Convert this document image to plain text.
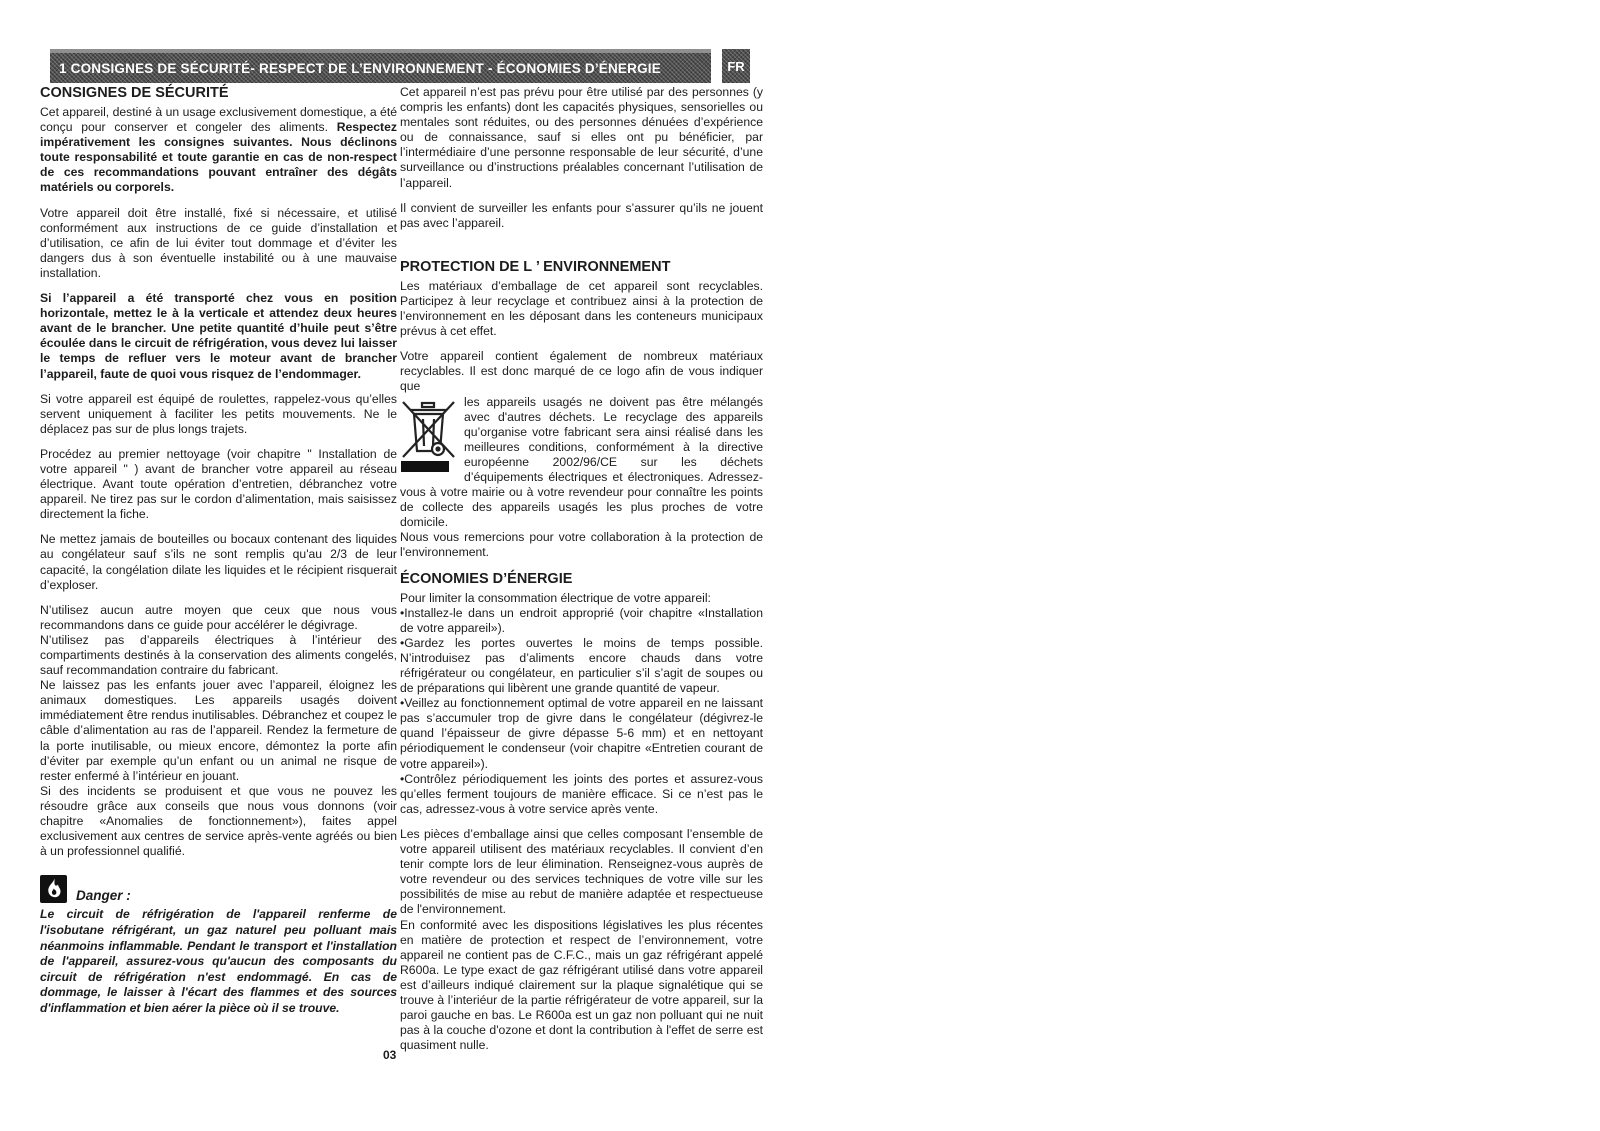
1 CONSIGNES DE SÉCURITÉ- RESPECT DE L’ENVIRONNEMENT - ÉCONOMIES D’ÉNERGIE	FR
CONSIGNES DE SÉCURITÉ

Cet appareil, destiné à un usage exclusivement domestique, a été conçu pour conserver et congeler des aliments. Respectez impérativement les consignes suivantes. Nous déclinons toute responsabilité et toute garantie en cas de non-respect de ces recommandations pouvant entraîner des dégâts matériels ou corporels.

Votre appareil doit être installé, fixé si nécessaire, et utilisé conformément aux instructions de ce guide d’installation et d’utilisation, ce afin de lui éviter tout dommage et d’éviter les dangers dus à son éventuelle instabilité ou à une mauvaise installation.

Si l’appareil a été transporté chez vous en position horizontale, mettez le à la verticale et attendez deux heures avant de le brancher. Une petite quantité d’huile peut s’être écoulée dans le circuit de réfrigération, vous devez lui laisser le temps de refluer vers le moteur avant de brancher l’appareil, faute de quoi vous risquez de l’endommager.

Si votre appareil est équipé de roulettes, rappelez-vous qu’elles servent uniquement à faciliter les petits mouvements. Ne le déplacez pas sur de plus longs trajets.

Procédez au premier nettoyage (voir chapitre " Installation de votre appareil " ) avant de brancher votre appareil au réseau électrique. Avant toute opération d’entretien, débranchez votre appareil. Ne tirez pas sur le cordon d’alimentation, mais saisissez directement la fiche.

Ne mettez jamais de bouteilles ou bocaux contenant des liquides au congélateur sauf s’ils ne sont remplis qu'au 2/3 de leur capacité, la congélation dilate les liquides et le récipient risquerait d’exploser.

N’utilisez aucun autre moyen que ceux que nous vous recommandons dans ce guide pour accélérer le dégivrage.

N’utilisez pas d’appareils électriques à l’intérieur des compartiments destinés à la conservation des aliments congelés, sauf recommandation contraire du fabricant.

Ne laissez pas les enfants jouer avec l’appareil, éloignez les animaux domestiques. Les appareils usagés doivent immédiatement être rendus inutilisables. Débranchez et coupez le câble d’alimentation au ras de l’appareil. Rendez la fermeture de la porte inutilisable, ou mieux encore, démontez la porte afin d’éviter par exemple qu’un enfant ou un animal ne risque de rester enfermé à l’intérieur en jouant.

Si des incidents se produisent et que vous ne pouvez les résoudre grâce aux conseils que nous vous donnons (voir chapitre «Anomalies de fonctionnement»), faites appel exclusivement aux centres de service après-vente agréés ou bien à un professionnel qualifié.

Danger :
Le circuit de réfrigération de l'appareil renferme de l'isobutane réfrigérant, un gaz naturel peu polluant mais néanmoins inflammable. Pendant le transport et l'installation de l'appareil, assurez-vous qu'aucun des composants du circuit de réfrigération n'est endommagé. En cas de dommage, le laisser à l'écart des flammes et des sources d'inflammation et bien aérer la pièce où il se trouve.

Cet appareil n’est pas prévu pour être utilisé par des personnes (y compris les enfants) dont les capacités physiques, sensorielles ou mentales sont réduites, ou des personnes dénuées d’expérience ou de connaissance, sauf si elles ont pu bénéficier, par l’intermédiaire d’une personne responsable de leur sécurité, d’une surveillance ou d’instructions préalables concernant l’utilisation de l’appareil.

Il convient de surveiller les enfants pour s’assurer qu’ils ne jouent pas avec l’appareil.

PROTECTION DE L ’ ENVIRONNEMENT

Les matériaux d’emballage de cet appareil sont recyclables. Participez à leur recyclage et contribuez ainsi à la protection de l’environnement en les déposant dans les conteneurs municipaux prévus à cet effet.

Votre appareil contient également de nombreux matériaux recyclables. Il est donc marqué de ce logo afin de vous indiquer que

les appareils usagés ne doivent pas être mélangés avec d'autres déchets. Le recyclage des appareils qu’organise votre fabricant sera ainsi réalisé dans les meilleures conditions, conformément à la directive européenne 2002/96/CE sur les déchets d’équipements électriques et électroniques. Adressez-vous à votre mairie ou à votre revendeur pour connaître les points de collecte des appareils usagés les plus proches de votre domicile.

Nous vous remercions pour votre collaboration à la protection de l'environnement.

ÉCONOMIES D’ÉNERGIE

Pour limiter la consommation électrique de votre appareil:

•Installez-le dans un endroit approprié (voir chapitre «Installation de votre appareil»).

•Gardez les portes ouvertes le moins de temps possible. N’introduisez pas d’aliments encore chauds dans votre réfrigérateur ou congélateur, en particulier s’il s’agit de soupes ou de préparations qui libèrent une grande quantité de vapeur.

•Veillez au fonctionnement optimal de votre appareil en ne laissant pas s’accumuler trop de givre dans le congélateur (dégivrez-le quand l’épaisseur de givre dépasse 5-6 mm) et en nettoyant périodiquement le condenseur (voir chapitre «Entretien courant de votre appareil»).

•Contrôlez périodiquement les joints des portes et assurez-vous qu’elles ferment toujours de manière efficace. Si ce n’est pas le cas, adressez-vous à votre service après vente.

Les pièces d’emballage ainsi que celles composant l’ensemble de votre appareil utilisent des matériaux recyclables. Il convient d’en tenir compte lors de leur élimination. Renseignez-vous auprès de votre revendeur ou des services techniques de votre ville sur les possibilités de mise au rebut de manière adaptée et respectueuse de l'environnement.

En conformité avec les dispositions législatives les plus récentes en matière de protection et respect de l’environnement, votre appareil ne contient pas de C.F.C., mais un gaz réfrigérant appelé R600a. Le type exact de gaz réfrigérant utilisé dans votre appareil est d’ailleurs indiqué clairement sur la plaque signalétique qui se trouve à l’interiéur de la partie réfrigérateur de votre appareil, sur la paroi gauche en bas. Le R600a est un gaz non polluant qui ne nuit pas à la couche d'ozone et dont la contribution à l'effet de serre est quasiment nulle.

03
